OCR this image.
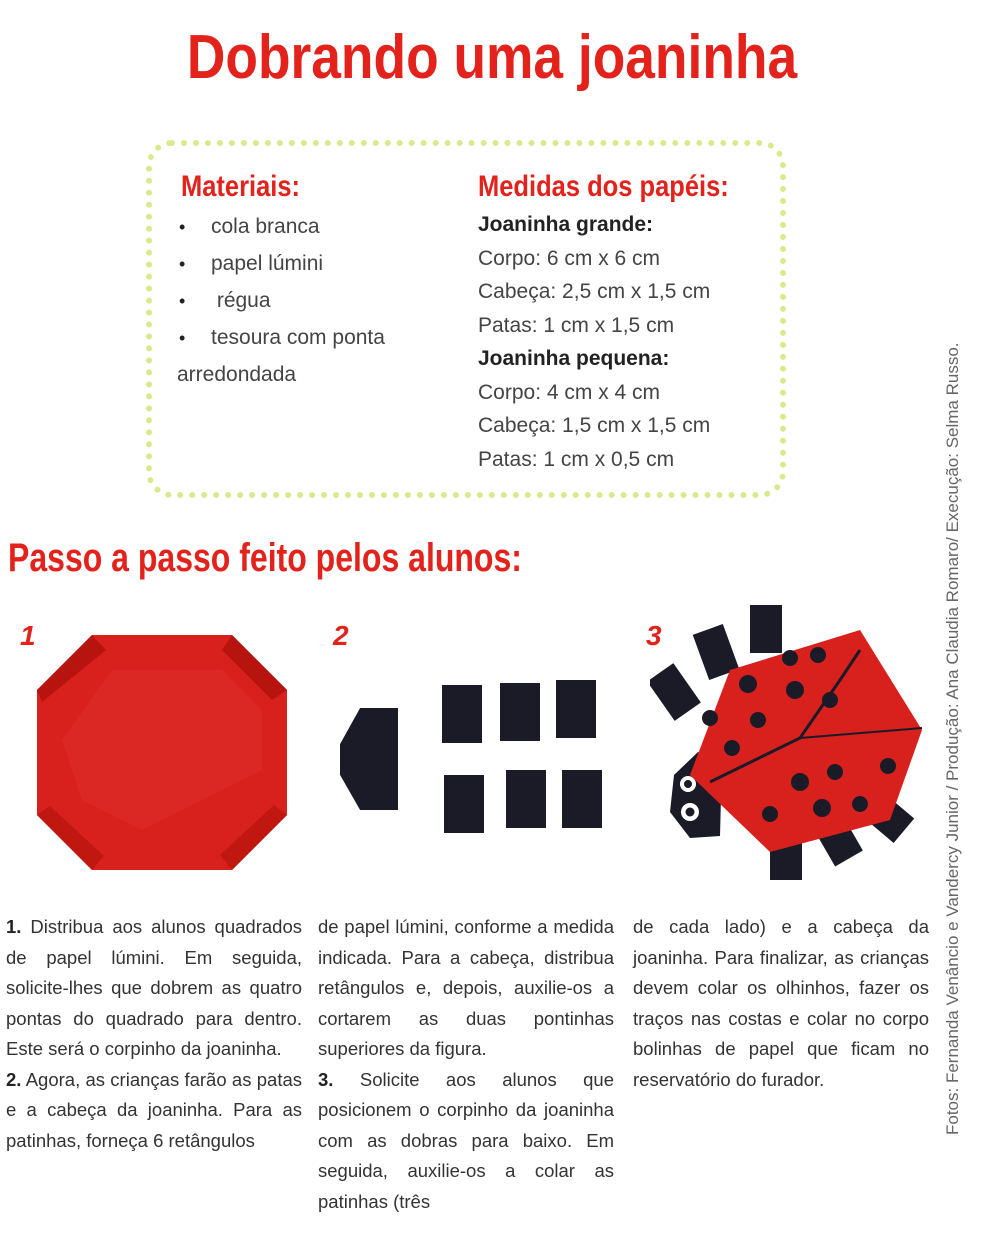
Dobrando uma joaninha
Materiais:
• cola branca
• papel lúmini
• régua
• tesoura com ponta
arredondada
Medidas dos papéis:
Joaninha grande:
Corpo: 6 cm x 6 cm
Cabeça: 2,5 cm x 1,5 cm
Patas: 1 cm x 1,5 cm
Joaninha pequena:
Corpo: 4 cm x 4 cm
Cabeça: 1,5 cm x 1,5 cm
Patas: 1 cm x 0,5 cm
Passo a passo feito pelos alunos:
1	2	3
1. Distribua aos alunos quadrados de papel lúmini. Em seguida, solicite-lhes que dobrem as quatro pontas do quadrado para dentro. Este será o corpinho da joaninha.
2. Agora, as crianças farão as patas e a cabeça da joaninha. Para as patinhas, forneça 6 retângulos
de papel lúmini, conforme a medida indicada. Para a cabeça, distribua retângulos e, depois, auxilie-os a cortarem as duas pontinhas superiores da figura.
3. Solicite aos alunos que posicionem o corpinho da joaninha com as dobras para baixo. Em seguida, auxilie-os a colar as patinhas (três
de cada lado) e a cabeça da joaninha. Para finalizar, as crianças devem colar os olhinhos, fazer os traços nas costas e colar no corpo bolinhas de papel que ficam no reservatório do furador.	Fotos: Fernanda Venâncio e Vandercy Junior / Produção: Ana Claudia Romaro/ Execução: Selma Russo.
